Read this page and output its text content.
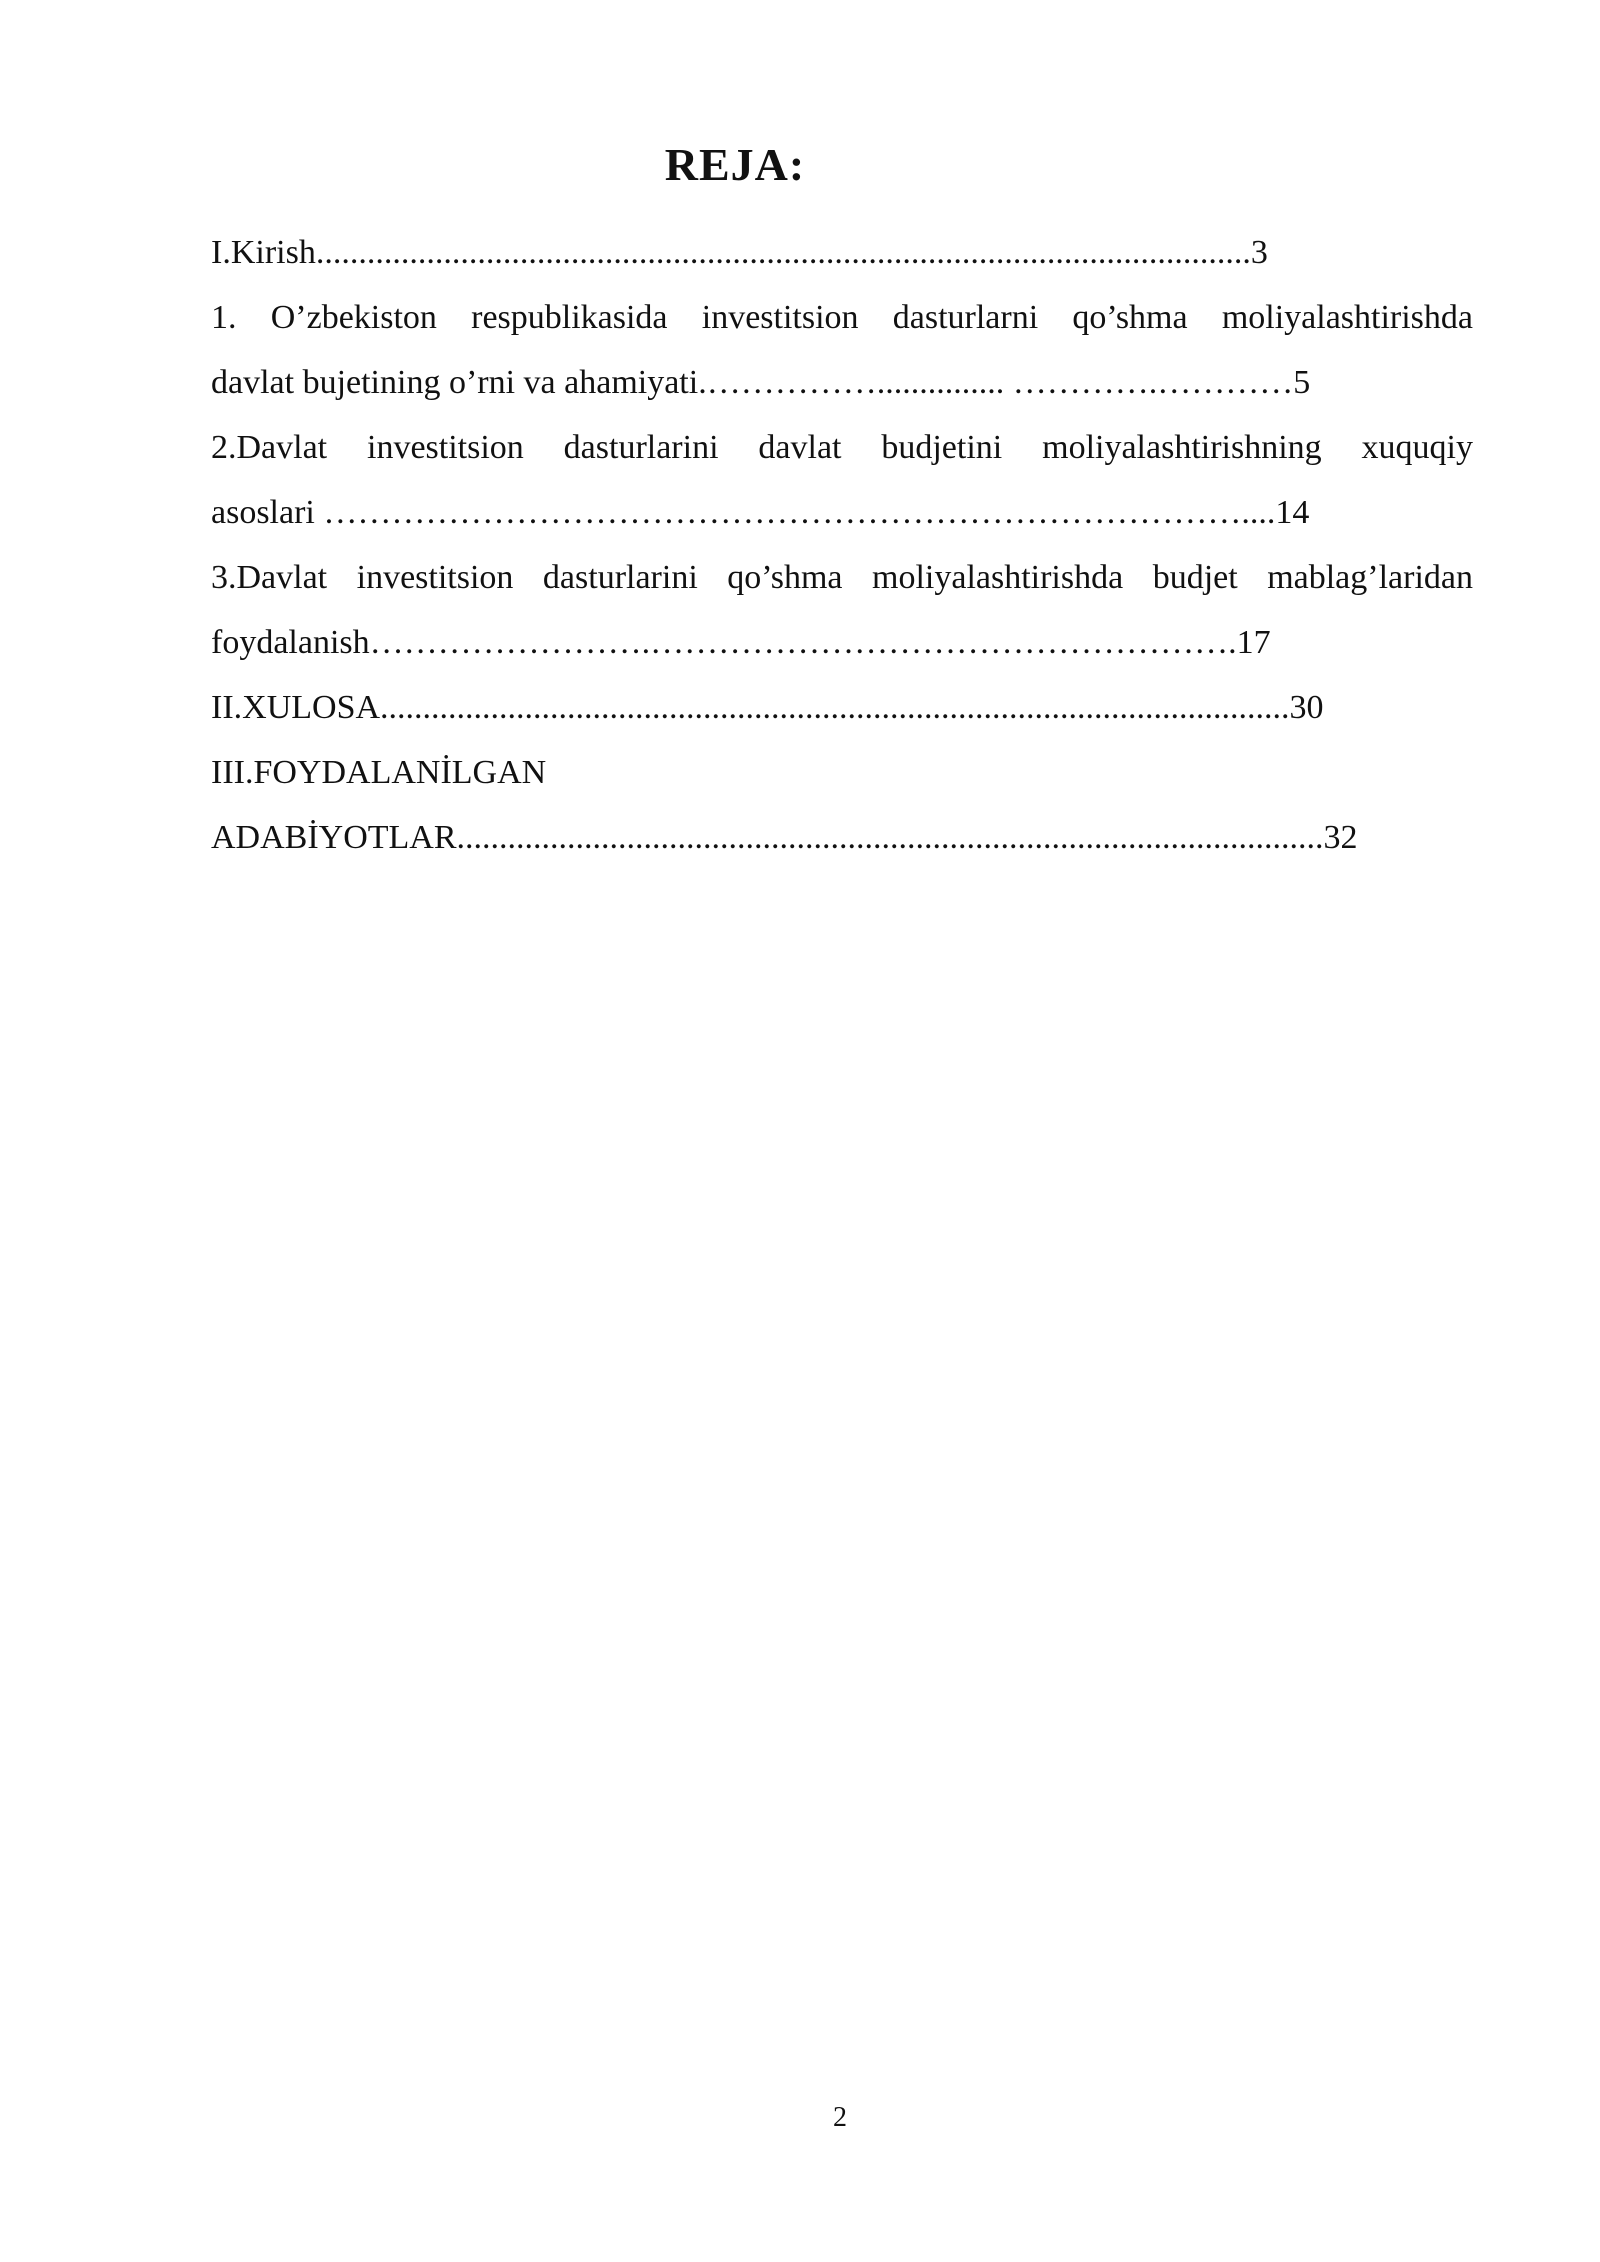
REJA:
I.Kirish..............................................................................................................3
1. O’zbekiston respublikasida investitsion dasturlarni qo’shma moliyalashtirishda
davlat bujetining o’rni va ahamiyati.……………............... ………….…………5
2.Davlat investitsion dasturlarini davlat budjetini moliyalashtirishning xuquqiy
asoslari ………………………………………………………………………....14
3.Davlat investitsion dasturlarini qo’shma moliyalashtirishda budjet mablag’laridan
foydalanish…………………….…………………………………………….17
II.XULOSA...........................................................................................................30
III.FOYDALANİLGAN
ADABİYOTLAR......................................................................................................32
2
